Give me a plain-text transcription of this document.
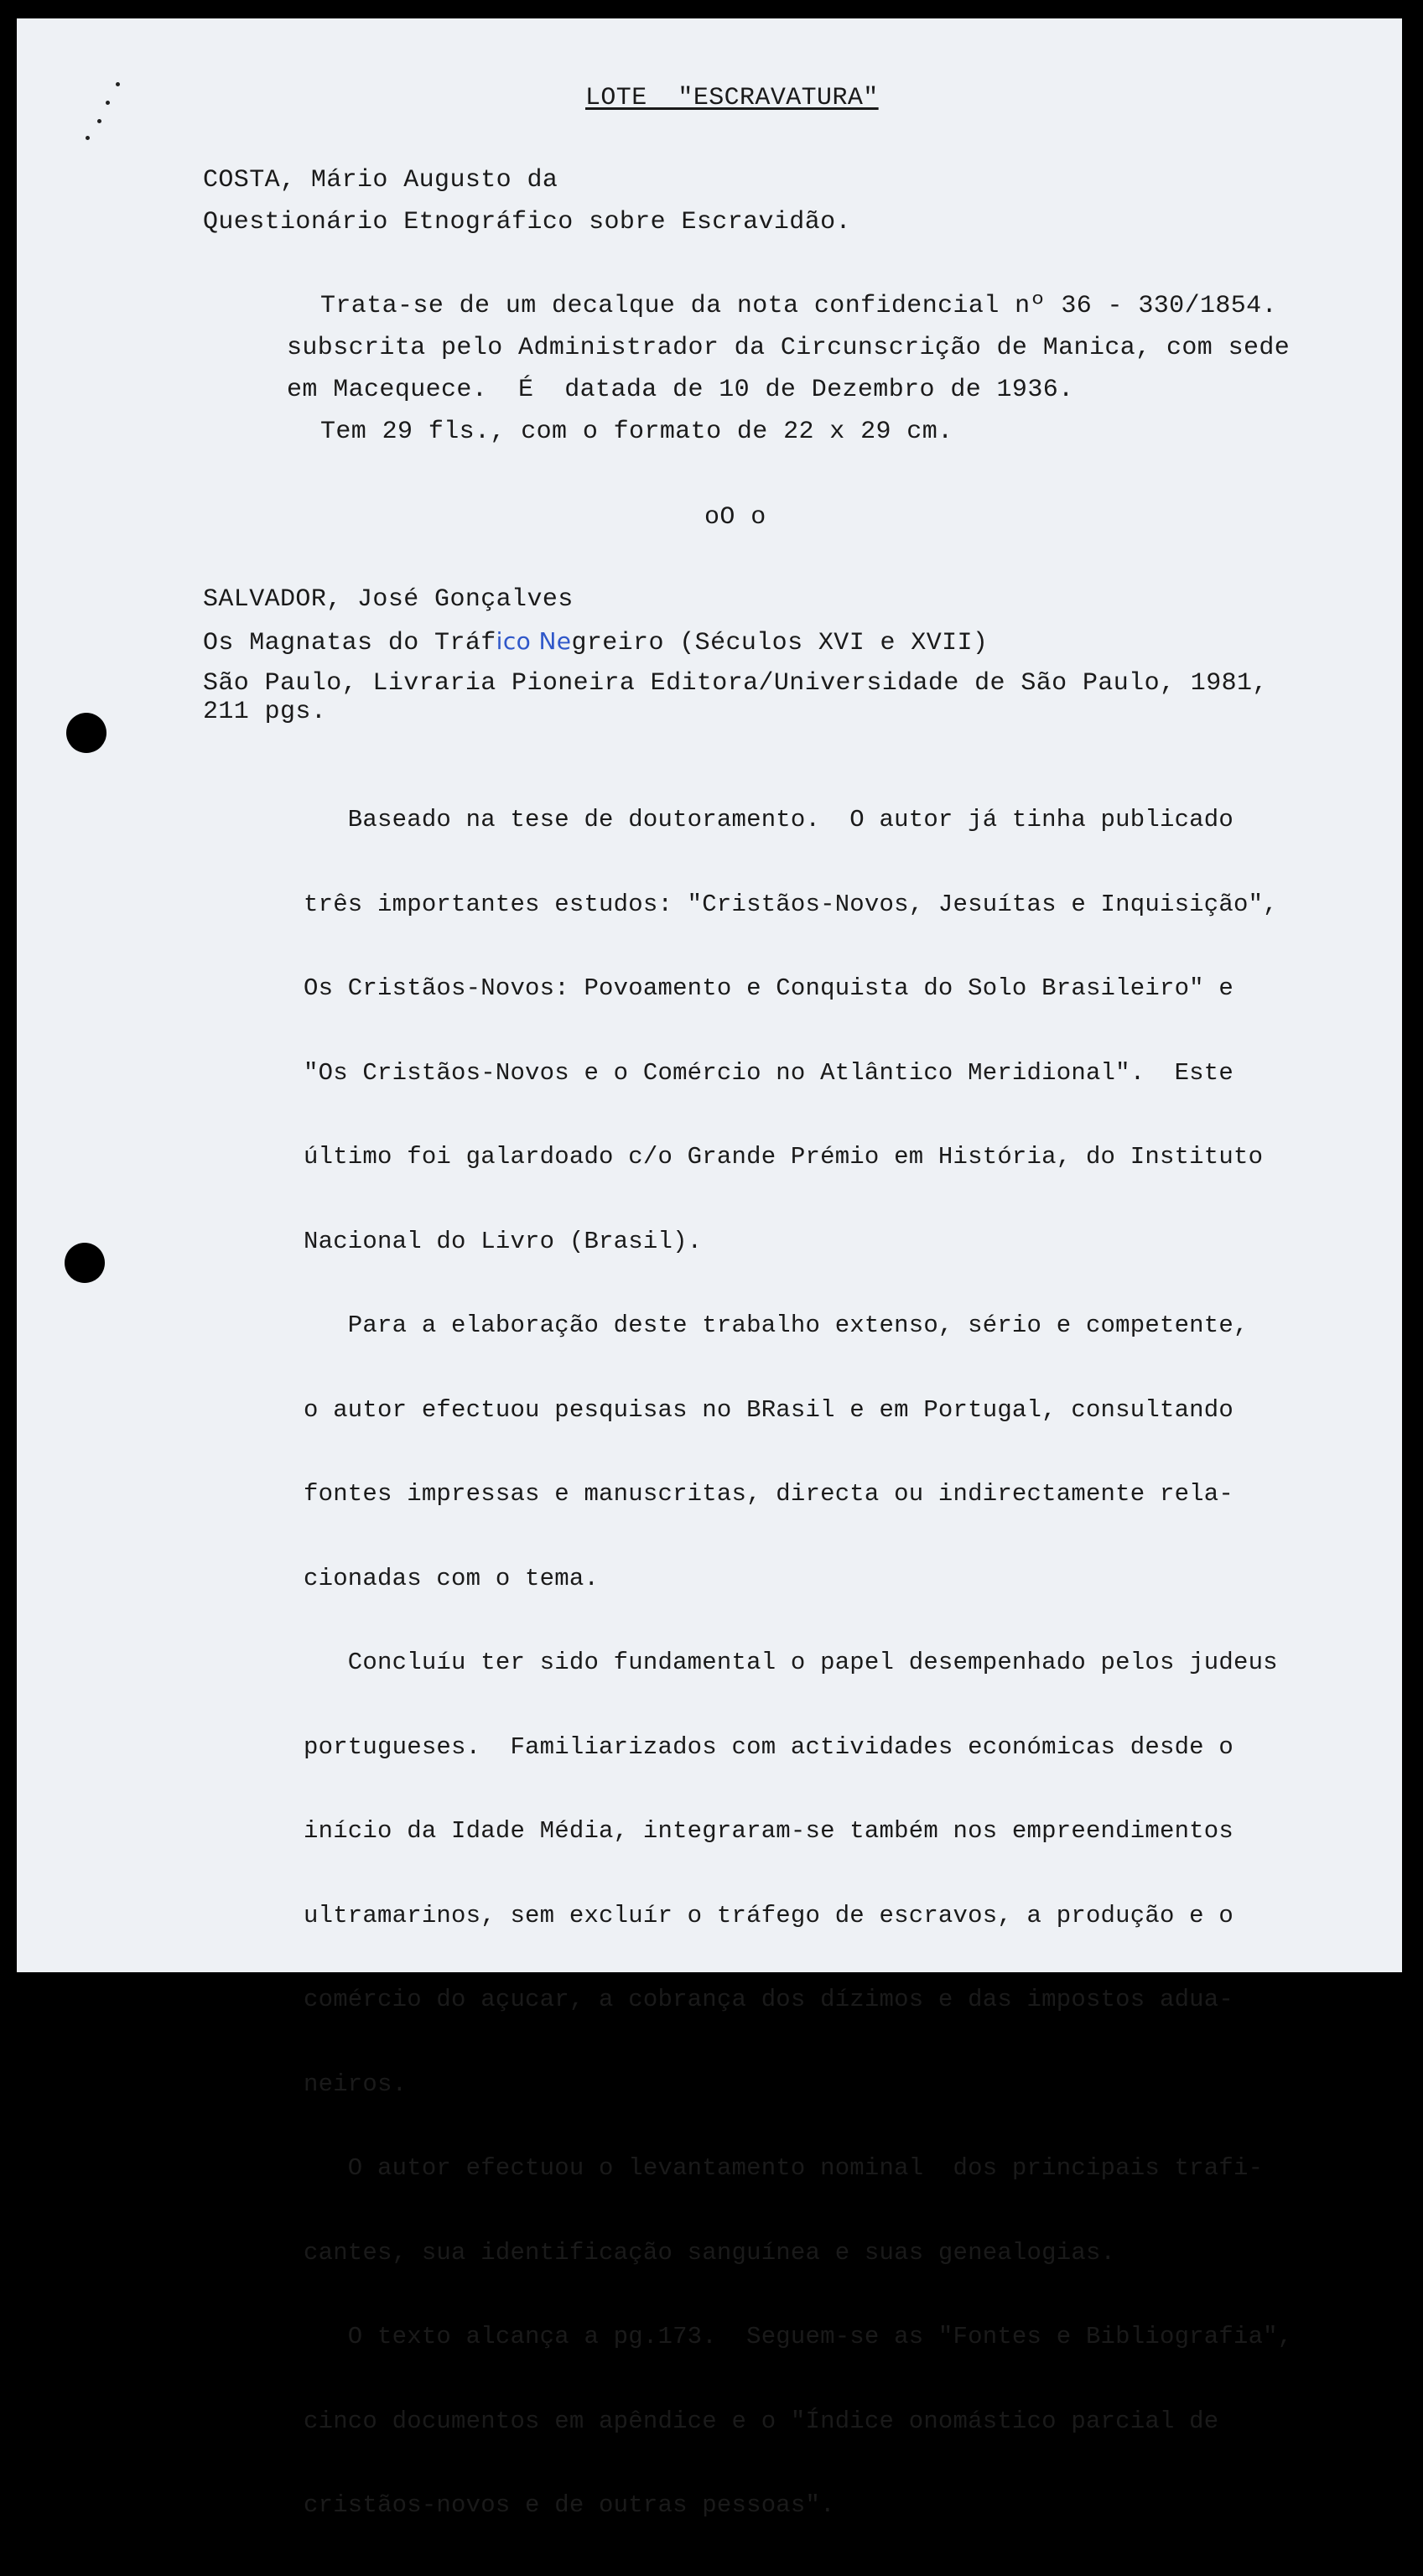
LOTE  "ESCRAVATURA"
COSTA, Mário Augusto da
Questionário Etnográfico sobre Escravidão.
Trata-se de um decalque da nota confidencial nº 36 - 330/1854.
subscrita pelo Administrador da Circunscrição de Manica, com sede
em Macequece.  É  datada de 10 de Dezembro de 1936.
Tem 29 fls., com o formato de 22 x 29 cm.
oO o
SALVADOR, José Gonçalves
Os Magnatas do Tráfico Negreiro (Séculos XVI e XVII)
São Paulo, Livraria Pioneira Editora/Universidade de São Paulo, 1981,
211 pgs.

Baseado na tese de doutoramento.  O autor já tinha publicado

três importantes estudos: "Cristãos-Novos, Jesuítas e Inquisição",

Os Cristãos-Novos: Povoamento e Conquista do Solo Brasileiro" e

"Os Cristãos-Novos e o Comércio no Atlântico Meridional".  Este

último foi galardoado c/o Grande Prémio em História, do Instituto

Nacional do Livro (Brasil).

Para a elaboração deste trabalho extenso, sério e competente,

o autor efectuou pesquisas no BRasil e em Portugal, consultando

fontes impressas e manuscritas, directa ou indirectamente rela-

cionadas com o tema.

Concluíu ter sido fundamental o papel desempenhado pelos judeus

portugueses.  Familiarizados com actividades económicas desde o

início da Idade Média, integraram-se também nos empreendimentos

ultramarinos, sem excluír o tráfego de escravos, a produção e o

comércio do açucar, a cobrança dos dízimos e das impostos adua-

neiros.

O autor efectuou o levantamento nominal  dos principais trafi-

cantes, sua identificação sanguínea e suas genealogias.

O texto alcança a pg.173.  Seguem-se as "Fontes e Bibliografia",

cinco documentos em apêndice e o "Índice onomástico parcial de

cristãos-novos e de outras pessoas".
